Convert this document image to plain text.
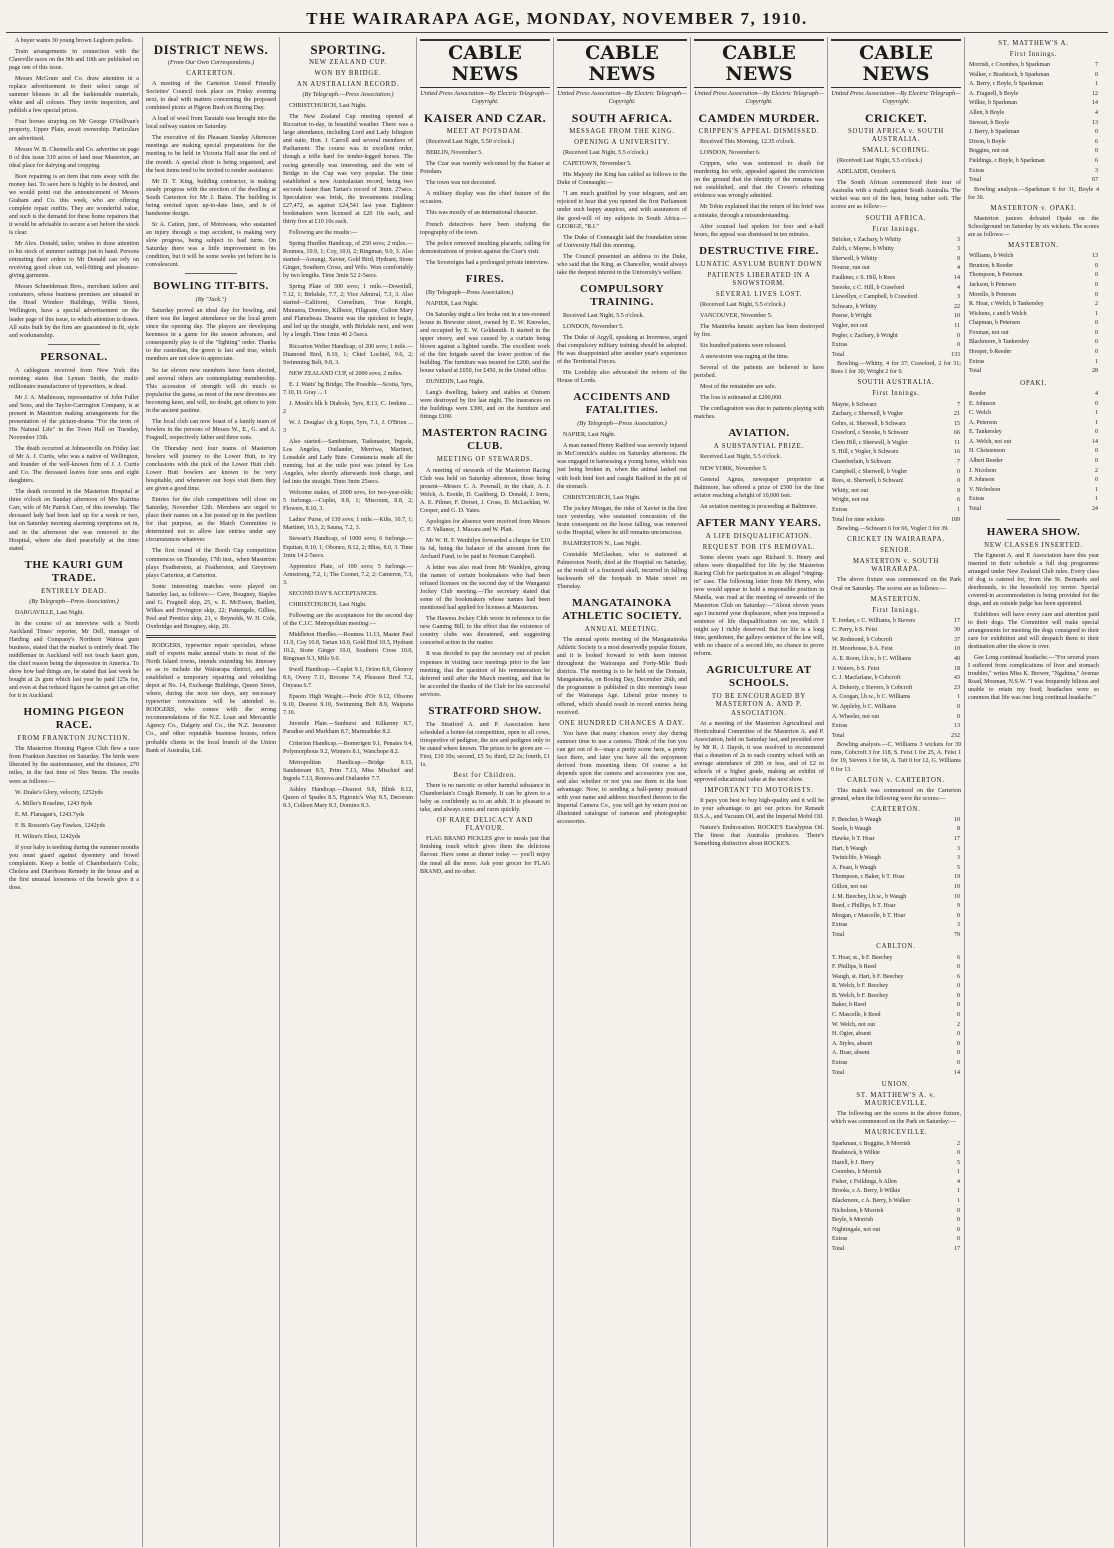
THE WAIRARAPA AGE, MONDAY, NOVEMBER 7, 1910.

A buyer wants 30 young brown Leghorn pullets.

Train arrangements in connection with the Clareville races on the 9th and 10th are published on page one of this issue.

Messrs McGruer and Co. draw attention in a replace advertisement to their select range of summer blouses in all the fashionable materials, white and all colours. They invite inspection, and publish a few special prices.

Four horses straying on Mr George O'Sullivan's property, Upper Plain, await ownership. Particulars are advertised.

Messrs W. B. Chennells and Co. advertise on page 8 of this issue 310 acres of land near Masterton, an ideal place for dairying and cropping.

Boot repairing is an item that runs away with the money fast. To save here is highly to be desired, and we would point out the announcement of Messrs Graham and Co. this week, who are offering complete repair outfits. They are wonderful value, and such is the demand for these home repairers that it would be advisable to secure a set before the stock is clear.

Mr Alex. Donald, tailor, wishes to draw attention to his stock of summer suitings just to hand. Persons entrusting their orders to Mr Donald can rely on receiving good clean cut, well-fitting and pleasure-giving garments.

Messrs Schneideman Bros., merchant tailors and costumers, whose business premises are situated in the Head Windsor Buildings, Willis Street, Wellington, have a special advertisement on the leader page of this issue, to which attention is drawn. All suits built by the firm are guaranteed in fit, style and workmanship.

PERSONAL.

A cablegram received from New York this morning states that Lyman Smith, the multi-millionaire manufacturer of typewriters, is dead.

Mr J. A. Mathieson, representative of John Fuller and Sons, and the Taylor-Carrington Company, is at present in Masterton making arrangements for the presentation of the picture-drama "For the term of His Natural Life" in the Town Hall on Tuesday, November 15th.

The death occurred at Johnsonville on Friday last of Mr A. J. Curtis, who was a native of Wellington, and founder of the well-known firm of J. J. Curtis and Co. The deceased leaves four sons and eight daughters.

The death occurred in the Masterton Hospital at three o'clock on Sunday afternoon of Mrs Katrina Carr, wife of Mr Patrick Carr, of this township. The deceased lady had been laid up for a week or two, but on Saturday morning alarming symptoms set in, and in the afternoon she was removed to the Hospital, where she died peacefully at the time stated.

THE KAURI GUM TRADE.
ENTIRELY DEAD.
(By Telegraph—Press Association.)

DARGAVILLE, Last Night.

In the course of an interview with a North Auckland Times' reporter, Mr Dell, manager of Harding and Company's Northern Wairoa gum business, stated that the market is entirely dead. The middleman in Auckland will not touch kauri gum, the chief reason being the depression in America. To show how bad things are, he stated that last week he bought at 2s gum which last year he paid 125s for, and even at that reduced figure he cannot get an offer for it in Auckland.

HOMING PIGEON RACE.
FROM FRANKTON JUNCTION.

The Masterton Homing Pigeon Club flew a race from Frankton Junction on Saturday. The birds were liberated by the stationmaster, and the distance, 270 miles, in the fast time of 5hrs 9mins. The results were as follows:—

W. Drake's Glory, velocity, 1252yds

A. Miller's Roseline, 1243 8yds

E. M. Flanagan's, 1243.7yds

F. B. Rosson's Gay Fawkes, 1242yds

H. Wilton's Elect, 1242yds

If your baby is teething during the summer months you must guard against dysentery and bowel complaints. Keep a bottle of Chamberlain's Colic, Cholera and Diarrhoea Remedy in the house and at the first unusual looseness of the bowels give it a dose.

DISTRICT NEWS.
(From Our Own Correspondents.)
CARTERTON.

A meeting of the Carterton United Friendly Societies' Council took place on Friday evening next, to deal with matters concerning the proposed combined picnic at Pigeon Bush on Boxing Day.

A load of wool from Taratahi was brought into the local railway station on Saturday.

The executive of the Pleasant Sunday Afternoon meetings are making special preparations for the meeting to be held in Victoria Hall near the end of the month. A special choir is being organised, and the best items tend to be invited to render assistance.

Mr D. T. King, building contractor, is making steady progress with the erection of the dwelling at South Carterton for Mr J. Bains. The building is being erected upon up-to-date lines, and is of handsome design.

Sr A. Cation, junr., of Motuwaea, who sustained an injury through a trap accident, is making very slow progress, being subject to bad turns. On Saturday there was a little improvement in his condition, but it will be some weeks yet before he is convalescent.

BOWLING TIT-BITS.
(By "Jack.")

Saturday proved an ideal day for bowling, and there was the largest attendance on the local green since the opening day. The players are developing keenness in a game for the season advances, and consequently play is of the "fighting" order. Thanks to the custodian, the green is fast and true, which members are not slow to appreciate.

So far eleven new members have been elected, and several others are contemplating membership. This accession of strength will do much to popularise the game, as most of the new devotees are becoming keen, and will, no doubt, get others to join in the ancient pastime.

The local club can now boast of a family team of bowlers in the persons of Messrs W., E., G. and A. Fragnell, respectively father and three sons.

On Thursday next four teams of Masterton bowlers will journey to the Lower Hutt, to try conclusions with the pick of the Lower Hutt club. Lower Hutt bowlers are known to be very hospitable, and whenever our boys visit them they are given a good time.

Entries for the club competitions will close on Saturday, November 12th. Members are urged to place their names on a list posted up in the pavilion for that purpose, as the Match Committee is determined not to allow late entries under any circumstances whatever.

The first round of the Booth Cup competition commences on Thursday, 17th inst., when Masterton plays Featherston, at Featherston, and Greytown plays Carterton, at Carterton.

Some interesting matches were played on Saturday last, as follows:— Cave, Bougney, Staples and G. Fragnell skip, 25, v. E. McEwen, Bartlett, Wilkes and Fevington skip, 22; Pattengale, Gillies, Peel and Prentice skip, 21, v. Reynolds, W. H. Cole, Oxnbridge and Bougney, skip, 20.

RODGERS, typewriter repair specialist, whose staff of experts make annual visits to most of the North Island towns, intends extending his itinerary so as to include the Wairarapa district, and has established a temporary repairing and rebuilding depot at No. 14, Exchange Buildings, Queen Street, where, during the next ten days, any necessary typewriter renovations will be attended to. RODGERS, who comes with the strong recommendations of the N.Z. Loan and Mercantile Agency Co., Dalgety and Co., the N.Z. Insurance Co., and other reputable business houses, refers probable clients to the local branch of the Union Bank of Australia, Ltd.

SPORTING.
NEW ZEALAND CUP.
WON BY BRIDGE.
AN AUSTRALIAN RECORD.
(By Telegraph.—Press Association.)

CHRISTCHURCH, Last Night.

The New Zealand Cup meeting opened at Riccarton to-day, in beautiful weather. There was a large attendance, including Lord and Lady Islington and suite, Hon. J. Carroll and several members of Parliament. The course was in excellent order, though a trifle hard for tender-legged horses. The racing generally was interesting, and the win of Bridge in the Cup was very popular. The time established a new Australasian record, being two seconds faster than Tartan's record of 3min. 27secs. Speculation was brisk, the investments totalling £27,472, as against £24,541 last year. Eighteen bookmakers were licensed at £20 10s each, and thirty five at £10 10s each.

Following are the results:—

Spring Hurdles Handicap, of 250 sovs; 2 miles.—Roumea, 10.9, 1; Coy, 10.0, 2; Ringman, 9.0, 3. Also started—Aorangi, Xavier, Gold Bird, Hydrant, Stone Ginger, Southern Cross, and Wilo. Won comfortably by two lengths. Time 3min 52 2-5secs.

Spring Plate of 300 sovs; 1 mile.—Downfall, 7.12, 1; Birkdale, 7.7, 2; Vice Admiral, 7.3, 3. Also started—Californi, Cornelium, True Knight, Munuera, Domino, Kilbstor, Filigrane, Colton Mary and Flamebeau. Dearest was the quickest to begin, and led up the straight, with Birkdale next, and won by a length. Time 1min 40 2-5secs.

Riccarton Welter Handicap, of 200 sovs; 1 mile.—Diamond Bird, 8.10, 1; Chief Lochiel, 9.6, 2; Swimming Belt, 9.8, 3.

NEW ZEALAND CUP, of 2000 sovs; 2 miles.

E. J. Watts' bg Bridge, The Possible—Scotia, 5yrs, 7.10, D. Gray ... 1

J. Monk's blk h Diabolo, 5yrs, 8.13, C. Jenkins ... 2

W. J. Douglas' ch g Kopu, 5yrs, 7.1, J. O'Brien ... 3

Also started.—Sandstream, Taskmaster, Ingoda, Los Angeles, Outlander, Merriwa, Martinet, Lonsdale and Lady Bute. Constancia made all the running, but at the mile post was joined by Los Angeles, who shortly afterwards took charge, and led into the straight. Time 3min 25secs.

Welcome stakes, of 2000 sovs, for two-year-olds; 5 furlongs.—Cuplet, 8.8, 1; Miscount, 8.8, 2; Flowers, 8.10, 3.

Ladies' Purse, of 130 sovs; 1 mile.—Kilts, 10.7, 1; Martinet, 10.3, 2; Sauna, 7.2, 3.

Stewart's Handicap, of 1000 sovs; 6 furlongs.—Equitan, 8.10, 1; Oboneo, 8.12, 2; Bliss, 8.0, 3. Time 1min 14 2-5secs.

Apprentice Plate, of 100 sovs; 5 furlongs.—Armstrong, 7.2, 1; The Coonet, 7.2, 2; Cameron, 7.3, 3.

SECOND DAY'S ACCEPTANCES.

CHRISTCHURCH, Last Night.

Following are the acceptances for the second day of the C.J.C. Metropolitan meeting:—

Middleton Hurdles.—Roumea 11.13, Master Paul 11.9, Coy 10.8, Tartan 10.0, Gold Bird 10.5, Hydrant 10.2, Stone Ginger 10.0, Southern Cross 10.0, Ringman 9.3, Milo 9.0.

Irwell Handicap.—Cuplet 9.1, Orion 8.9, Glenroy 8.6, Overy 7.11, Broome 7.4, Pleasure Bred 7.2, Onyaua 6.7.

Epsom High Weight.—Perle d'Or 9.12, Obsono 9.10, Dearest 9.10, Swimming Belt 8.9, Waipuna 7.10.

Juvenile Plate.—Sunburst and Kilkenny 8.7, Paradise and Markham 8.7, Marmaduke 8.2.

Criterion Handicap.—Bomerigen 9.1, Penates 9.4, Polymorphous 9.2, Winners 8.1, Wanchope 8.2.

Metropolitan Handicap.—Bridge 8.13, Sandstream 8.5, Prim 7.13, Miss Mischief and Ingoda 7.13, Renova and Outlander 7.7.

Ashley Handicap.—Dearest 9.8, Blink 8.12, Queen of Spades 8.5, Pigtonic's Way 8.5, Decorum 8.3, Colleen Mary 8.3, Domino 8.3.

CABLE NEWS
United Press Association—By Electric Telegraph—Copyright.
KAISER AND CZAR.
MEET AT POTSDAM.

(Received Last Night, 5.50 o'clock.)

BERLIN, November 5.

The Czar was warmly welcomed by the Kaiser at Potsdam.

The town was not decorated.

A military display was the chief feature of the occasion.

This was mostly of an international character.

French detectives have been studying the topography of the town.

The police removed insulting placards, calling for demonstrations of protest against the Czar's visit.

The Sovereigns had a prolonged private interview.

FIRES.

(By Telegraph—Press Association.)

NAPIER, Last Night.

On Saturday night a fire broke out in a ten-roomed house in Brewster street, owned by E. W. Knowles, and occupied by E. W. Goldsmith. It started in the upper storey, and was caused by a curtain being blown against a lighted candle. The excellent work of the fire brigade saved the lower portion of the building. The furniture was insured for £200, and the house valued at £650, for £450, in the United office.

DUNEDIN, Last Night.

Lang's dwelling, bakery and stables at Outram were destroyed by fire last night. The insurances on the buildings were £300, and on the furniture and fittings £100.

MASTERTON RACING CLUB.
MEETING OF STEWARDS.

A meeting of stewards of the Masterton Racing Club was held on Saturday afternoon, those being present—Messrs C. A. Pownall, in the chair, A. J. Welch, A. Eeside, D. Cashberg, D. Donald, J. Iorns, A. E. Pilmer, F. Dorset, J. Cross, D. McLachlan, W. Cooper, and G. D. Yates.

Apologies for absence were received from Messrs C. F. Vallance, J. Macara and W. Platt.

Mr W. H. F. Wenhilyn forwarded a cheque for £10 6s 6d, being the balance of the amount from the Archard Fund, to be paid to Norman Campbell.

A letter was also read from Mr Wanklyn, giving the names of certain bookmakers who had been refused licenses on the second day of the Wanganui Jockey Club meeting.—The secretary stated that some of the bookmakers whose names had been mentioned had applied for licenses at Masterton.

The Hawera Jockey Club wrote in reference to the new Gaming Bill, to the effect that the existence of country clubs was threatened, and suggesting concerted action in the matter.

It was decided to pay the secretary out of pocket expenses in visiting race meetings prior to the late meeting, that the question of his remuneration be deferred until after the March meeting, and that he be accorded the thanks of the Club for his successful services.

STRATFORD SHOW.

The Stratford A. and P. Association have scheduled a hotter-fat competition, open to all cows, irrespective of pedigree, the sire and pedigree only to be stated where known. The prizes to be given are —First, £10 10s; second, £5 5s; third, £2 2s; fourth, £1 1s.

Best for Children.

There is no narcotic or other harmful substance in Chamberlain's Cough Remedy. It can be given to a baby as confidently as to an adult. It is pleasant to take, and always cures and cures quickly.

OF RARE DELICACY AND FLAVOUR.

FLAG BRAND PICKLES give to meals just that finishing touch which gives them the delicious flavour. Have some at dinner today — you'll enjoy the meal all the more. Ask your grocer for FLAG BRAND, and no other.

CABLE NEWS
United Press Association—By Electric Telegraph—Copyright.
SOUTH AFRICA.
MESSAGE FROM THE KING.
OPENING A UNIVERSITY.

(Received Last Night, 5.5 o'clock.)

CAPETOWN, November 5.

His Majesty the King has cabled as follows to the Duke of Connaught:—

"I am much gratified by your telegram, and am rejoiced to hear that you opened the first Parliament under such happy auspices, and with assurances of the good-will of my subjects in South Africa.—GEORGE, "R.I."

The Duke of Connaught laid the foundation stone of University Hall this morning.

The Council presented an address to the Duke, who said that the King, as Chancellor, would always take the deepest interest in the University's welfare.

COMPULSORY TRAINING.

Received Last Night, 5.5 o'clock.

LONDON, November 5.

The Duke of Argyll, speaking at Inverness, urged that compulsory military training should be adopted. He was disappointed after another year's experience of the Territorial Forces.

His Lordship also advocated the reform of the House of Lords.

ACCIDENTS AND FATALITIES.
(By Telegraph—Press Association.)

NAPIER, Last Night.

A man named Henry Radford was severely injured in McCormick's stables on Saturday afternoon. He was engaged in harnessing a young horse, which was just being broken in, when the animal lashed out with both hind feet and caught Radford in the pit of the stomach.

CHRISTCHURCH, Last Night.

The jockey Morgan, the rider of Xavier in the first race yesterday, who sustained concussion of the brain consequent on the horse falling, was removed to the Hospital, where he still remains unconscious.

PALMERSTON N., Last Night.

Constable McGlashan, who is stationed at Palmerston North, died at the Hospital on Saturday, as the result of a fractured skull, incurred in falling backwards off the footpath in Main street on Thursday.

MANGATAINOKA ATHLETIC SOCIETY.
ANNUAL MEETING.

The annual sports meeting of the Mangatainoka Athletic Society is a most deservedly popular fixture, and it is looked forward to with keen interest throughout the Wairarapa and Forty-Mile Bush districts. The meeting is to be held on the Domain, Mangatainoka, on Boxing Day, December 26th, and the programme is published in this morning's issue of the Wairarapa Age. Liberal prize money is offered, which should result in record entries being received.

ONE HUNDRED CHANCES A DAY.

You have that many chances every day during summer time to use a camera. Think of the fun you can get out of it—snap a pretty scene here, a pretty face there, and later you have all the enjoyment derived from mounting them. Of course a lot depends upon the camera and accessories you use, and also whether or not you use them to the best advantage. Now, to sending a half-penny postcard with your name and address inscribed thereon to the Imperial Camera Co., you will get by return post an illustrated catalogue of cameras and photographic accessories.

CABLE NEWS
United Press Association—By Electric Telegraph—Copyright.
CAMDEN MURDER.
CRIPPEN'S APPEAL DISMISSED.

Received This Morning, 12.35 o'clock.

LONDON, November 6.

Crippen, who was sentenced to death for murdering his wife, appealed against the conviction on the ground that the identity of the remains was not established, and that the Crown's rebutting evidence was wrongly admitted.

Mr Tobin explained that the return of his brief was a mistake, through a misunderstanding.

After counsel had spoken for four and a-half hours, the appeal was dismissed in ten minutes.

DESTRUCTIVE FIRE.
LUNATIC ASYLUM BURNT DOWN
PATIENTS LIBERATED IN A SNOWSTORM.
SEVERAL LIVES LOST.

(Received Last Night, 5.5 o'clock.)

VANCOUVER, November 5.

The Manitoba lunatic asylum has been destroyed by fire.

Six hundred patients were released.

A snowstorm was raging at the time.

Several of the patients are believed to have perished.

Most of the remainder are safe.

The loss is estimated at £200,000.

The conflagration was due to patients playing with matches.

AVIATION.
A SUBSTANTIAL PRIZE.

Received Last Night, 5.5 o'clock.

NEW YORK, November 5.

General Agnus, newspaper proprietor at Baltimore, has offered a prize of £500 for the first aviator reaching a height of 10,000 feet.

An aviation meeting is proceeding at Baltimore.

AFTER MANY YEARS.
A LIFE DISQUALIFICATION.
REQUEST FOR ITS REMOVAL.

Some eleven years ago Richard S. Henry and others were disqualified for life by the Masterton Racing Club for participation in an alleged "ringing-in" case. The following letter from Mr Henry, who now would appear to hold a responsible position in Manila, was read at the meeting of stewards of the Masterton Club on Saturday:—"About eleven years ago I incurred your displeasure, when you imposed a sentence of life disqualification on me, which I might say I richly deserved. But for life is a long time, gentlemen, the galleys sentence of the law will, with no chance of a second life, no chance to prove reform.

AGRICULTURE AT SCHOOLS.
TO BE ENCOURAGED BY MASTERTON A. AND P. ASSOCIATION.

At a meeting of the Masterton Agricultural and Horticultural Committee of the Masterton A. and P. Association, held on Saturday last, and presided over by Mr R. J. Daysh, it was resolved to recommend that a donation of 2s to each country school with an average attendance of 200 or less, and of £2 to schools of a higher grade, making an exhibit of approved educational value at the next show.

IMPORTANT TO MOTORISTS.

It pays you best to buy high-quality and it will be to your advantage to get our prices for Renault D.S.A., and Vacuum Oil, and the Imperial Mobil Oil.

Nature's Embrocation. ROCKE'S Eucalyptus Oil. The finest that Australia produces. There's Something distinctive about ROCKE'S.

CABLE NEWS
United Press Association—By Electric Telegraph—Copyright.
CRICKET.
SOUTH AFRICA v. SOUTH AUSTRALIA.
SMALL SCORING.

(Received Last Night, 5.5 o'clock.)

ADELAIDE, October 6.

The South African commenced their tour of Australia with a match against South Australia. The wicket was not of the best, being rather soft. The scores are as follow:—

SOUTH AFRICA.
First Innings.
Stricker, c Zachary, b Whitty	3
Zulch, c Mayne, b Whitty	3
Sherwell, b Whitty	9
Nourse, run out	4
Faulkner, c S. Hill, b Rees	14
Snooke, c C. Hill, b Crawford	4
Llewellyn, c Campbell, b Crawford	3
Schwarz, b Whitty	22
Pearse, b Wright	10
Vogler, not out	11
Pegler, c Zachary, b Wright	0
Extras	0
Total	133

Bowling.—Whitty, 4 for 37; Crawford, 2 for 31; Rees 1 for 30; Wright 2 for 0.

SOUTH AUSTRALIA.
First Innings.
Mayne, b Schwarz	7
Zachary, c Sherwell, b Vogler	21
Gehrs, st. Sherwell, b Schwarz	15
Crawford, c Snooke, b Schwarz	66
Clem Hill, c Sherwell, b Vogler	11
S. Hill, c Vogler, b Schwarz	16
Chamberlain, b Schwarz	7
Campbell, c Sherwell, b Vogler	0
Rees, st. Sherwell, b Schwarz	0
Whitty, not out	9
Wright, not out	6
Extras	1
Total for nine wickets	189

Bowling.—Schwarz 6 for 66, Vogler 3 for 39.

CRICKET IN WAIRARAPA.
SENIOR.
MASTERTON v. SOUTH WAIRARAPA.

The above fixture was commenced on the Park Oval on Saturday. The scores are as follows:—

MASTERTON.
First Innings.
T. Jordan, c C. Williams, b Sievers	17
C. Perry, b S. Feist	30
W. Redmond, b Cobcroft	37
H. Moorhouse, b A. Feist	10
A. E. Roon, l.b.w., b C. Williams	40
J. Waters, b S. Feist	18
C. J. Macfarlane, b Cobcroft	43
A. Doherty, c Sievers, b Cobcroft	23
A. Coogan, l.b.w., b C. Williams	1
W. Appleby, b C. Williams	0
A. Wheeler, not out	0
Extras	13
Total	232

Bowling analysis.—C. Williams 3 wickets for 39 runs, Cobcroft 3 for 118, S. Feist 1 for 25, A. Feist 1 for 19, Sievers 1 for 66, A. Tait 0 for 12, G. Williams 0 for 13.

CARLTON v. CARTERTON.

This match was commenced on the Carterton ground, when the following were the scores:—

CARTERTON.
F. Beecher, b Waugh	10
Searle, b Waugh	8
Hawke, b T. Hoar	17
Hart, b Waugh	3
Twiniclife, b Waugh	3
A. Feast, b Waugh	5
Thompson, c Baker, b T. Hoar	19
Gillon, not out	10
J. M. Beechey, l.b.w., b Waugh	10
Reed, c Phillips, b T. Hoar	9
Morgan, c Mascelle, b T. Hoar	0
Extras	3
Total	79
CARLTON.
T. Hoar, st., b F. Beechey	6
F. Phillips, b Reed	0
Waugh, st. Hart, b F. Beechey	6
R. Welch, b F. Beechey	0
B. Welch, b F. Beechey	0
Baker, b Reed	0
C. Mascelle, b Reed	0
W. Welch, not out	2
H. Ogier, absent	0
A. Styles, absent	0
A. Hoar, absent	0
Extras	0
Total	14
UNION.
ST. MATTHEW'S A. v. MAURICEVILLE.

The following are the scores in the above fixture, which was commenced on the Park on Saturday:—

MAURICEVILLE.
Sparkman, c Boggins, b Morrish	2
Bradstock, b Wilkie	0
Hazell, b J. Berry	5
Coombes, b Morrish	1
Fisher, c Feildings, b Allen	4
Brooks, c A. Berry, b Wilkie	1
Blackmore, c A. Berry, b Walker	1
Nicholson, b Morrish	0
Boyle, b Morrish	0
Nightingale, not out	0
Extras	0
Total	17
ST. MATTHEW'S A.
First Innings.
Morrish, c Coombes, b Sparkman	7
Walker, c Bradstock, b Sparkman	0
A. Berry, c Boyle, b Sparkman	1
A. Fragnell, b Boyle	12
Wilkie, b Sparkman	14
Allen, b Boyle	4
Stewart, b Boyle	13
J. Berry, b Sparkman	0
Dixon, b Boyle	6
Boggins, not out	0
Fieldings, c Boyle, b Sparkman	6
Extras	3
Total	67

Bowling analysis.—Sparkman 6 for 31, Boyle 4 for 30.

MASTERTON v. OPAKI.

Masterton juniors defeated Opaki on the Schoolground on Saturday by six wickets. The scores are as follows:—

MASTERTON.
Williams, b Welch	13
Brunton, b Reeder	0
Thompson, b Petersen	0
Jackson, b Petersen	0
Morello, b Petersen	0
R. Hoar, c Welch, b Tankersley	2
Wickens, c and b Welch	1
Chapman, b Petersen	0
Foxman, not out	0
Blackmore, b Tankersley	0
Hooper, b Reeder	0
Extras	1
Total	28
OPAKI.
Reeder	4
E. Johnson	0
C. Welch	1
A. Peterson	1
E. Tankersley	0
A. Welch, not out	14
H. Christenson	0
Albert Reeder	0
J. Nicolson	2
P. Johnson	0
V. Nicholson	1
Extras	1
Total	24
HAWERA SHOW.
NEW CLASSES INSERTED.

The Egmont A. and P. Association have this year inserted in their schedule a full dog programme arranged under New Zealand Club rules. Every class of dog is catered for, from the St. Bernards and deerhounds, to the household toy terrier. Special covered-in accommodation is being provided for the dogs, and an outside judge has been appointed.

Exhibitors will have every care and attention paid to their dogs. The Committee will make special arrangements for meeting the dogs consigned to their care for exhibition and will despatch them to their destination after the show is over.

Gee Long continual headache.—"For several years I suffered from complications of liver and stomach troubles," writes Miss K. Brewer, "Ngahina," Avenue Road, Mosman, N.S.W. "I was frequently bilious and unable to retain my food; headaches were so common that life was one long continual headache."
